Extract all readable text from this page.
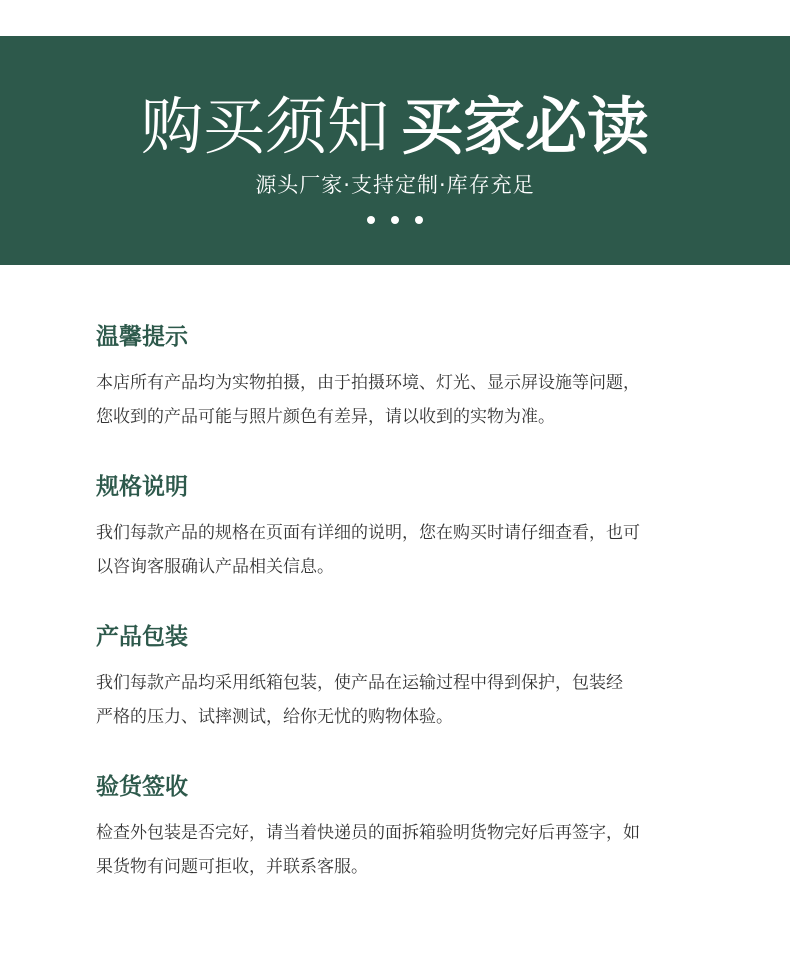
购买须知 买家必读
源头厂家·支持定制·库存充足
温馨提示
本店所有产品均为实物拍摄，由于拍摄环境、灯光、显示屏设施等问题，
您收到的产品可能与照片颜色有差异，请以收到的实物为准。
规格说明
我们每款产品的规格在页面有详细的说明，您在购买时请仔细查看，也可
以咨询客服确认产品相关信息。
产品包装
我们每款产品均采用纸箱包装，使产品在运输过程中得到保护，包装经
严格的压力、试摔测试，给你无忧的购物体验。
验货签收
检查外包装是否完好，请当着快递员的面拆箱验明货物完好后再签字，如
果货物有问题可拒收，并联系客服。
